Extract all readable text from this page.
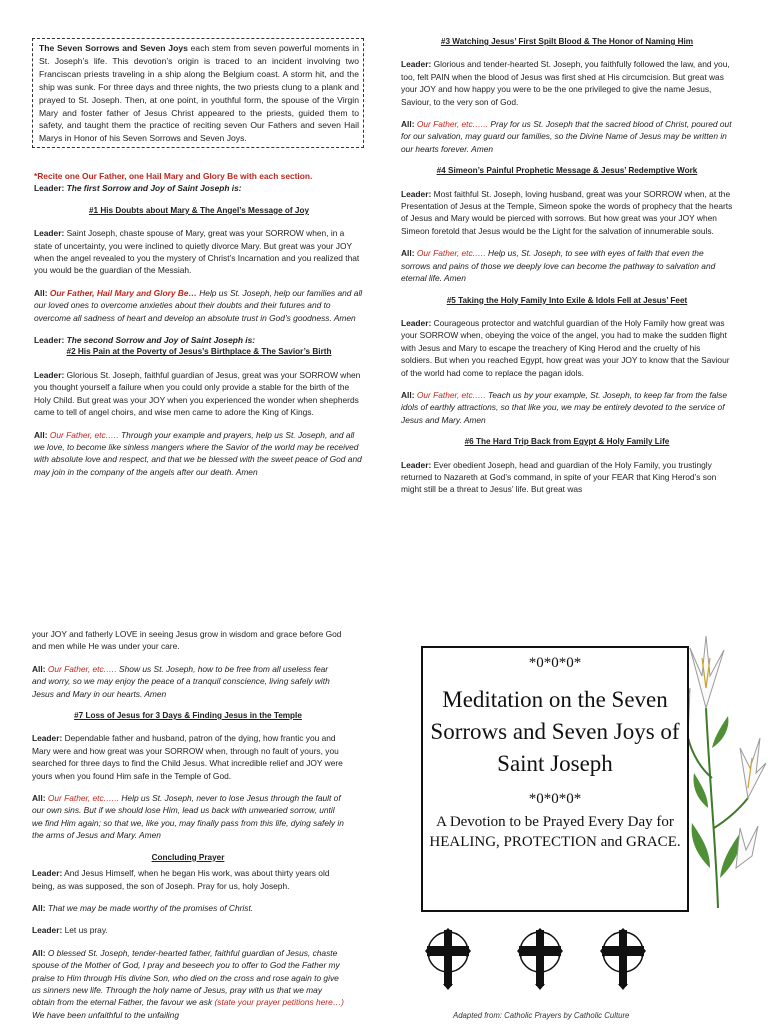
The Seven Sorrows and Seven Joys each stem from seven powerful moments in St. Joseph’s life. This devotion’s origin is traced to an incident involving two Franciscan priests traveling in a ship along the Belgium coast. A storm hit, and the ship was sunk. For three days and three nights, the two priests clung to a plank and prayed to St. Joseph. Then, at one point, in youthful form, the spouse of the Virgin Mary and foster father of Jesus Christ appeared to the priests, guided them to safety, and taught them the practice of reciting seven Our Fathers and seven Hail Marys in Honor of his Seven Sorrows and Seven Joys.
*Recite one Our Father, one Hail Mary and Glory Be with each section.

Leader: The first Sorrow and Joy of Saint Joseph is:

#1 His Doubts about Mary & The Angel’s Message of Joy

Leader: Saint Joseph, chaste spouse of Mary, great was your SORROW when, in a state of uncertainty, you were inclined to quietly divorce Mary. But great was your JOY when the angel revealed to you the mystery of Christ’s Incarnation and you realized that you would be the guardian of the Messiah.

All: Our Father, Hail Mary and Glory Be… Help us St. Joseph, help our families and all our loved ones to overcome anxieties about their doubts and their futures and to overcome all sadness of heart and develop an absolute trust in God’s goodness. Amen

Leader: The second Sorrow and Joy of Saint Joseph is:
#2 His Pain at the Poverty of Jesus’s Birthplace & The Savior’s Birth

Leader: Glorious St. Joseph, faithful guardian of Jesus, great was your SORROW when you thought yourself a failure when you could only provide a stable for the birth of the Holy Child. But great was your JOY when you experienced the wonder when shepherds came to tell of angel choirs, and wise men came to adore the King of Kings.

All: Our Father, etc.…. Through your example and prayers, help us St. Joseph, and all we love, to become like sinless mangers where the Savior of the world may be received with absolute love and respect, and that we be blessed with the sweet peace of God and may join in the company of the angels after our death. Amen

#3 Watching Jesus’ First Spilt Blood & The Honor of Naming Him

Leader: Glorious and tender-hearted St. Joseph, you faithfully followed the law, and you, too, felt PAIN when the blood of Jesus was first shed at His circumcision. But great was your JOY and how happy you were to be the one privileged to give the name Jesus, Saviour, to the very son of God.

All: Our Father, etc.….. Pray for us St. Joseph that the sacred blood of Christ, poured out for our salvation, may guard our families, so the Divine Name of Jesus may be written in our hearts forever. Amen

#4 Simeon’s Painful Prophetic Message & Jesus’ Redemptive Work

Leader: Most faithful St. Joseph, loving husband, great was your SORROW when, at the Presentation of Jesus at the Temple, Simeon spoke the words of prophecy that the hearts of Jesus and Mary would be pierced with sorrows. But how great was your JOY when Simeon foretold that Jesus would be the Light for the salvation of innumerable souls.

All: Our Father, etc.…. Help us, St. Joseph, to see with eyes of faith that even the sorrows and pains of those we deeply love can become the pathway to salvation and eternal life. Amen

#5 Taking the Holy Family Into Exile & Idols Fell at Jesus’ Feet

Leader: Courageous protector and watchful guardian of the Holy Family how great was your SORROW when, obeying the voice of the angel, you had to make the sudden flight with Jesus and Mary to escape the treachery of King Herod and the cruelty of his soldiers. But when you reached Egypt, how great was your JOY to know that the Saviour of the world had come to replace the pagan idols.

All: Our Father, etc.…. Teach us by your example, St. Joseph, to keep far from the false idols of earthly attractions, so that like you, we may be entirely devoted to the service of Jesus and Mary. Amen

#6 The Hard Trip Back from Egypt & Holy Family Life

Leader: Ever obedient Joseph, head and guardian of the Holy Family, you trustingly returned to Nazareth at God’s command, in spite of your FEAR that King Herod’s son might still be a threat to Jesus’ life. But great was

your JOY and fatherly LOVE in seeing Jesus grow in wisdom and grace before God and men while He was under your care.

All: Our Father, etc.…. Show us St. Joseph, how to be free from all useless fear and worry, so we may enjoy the peace of a tranquil conscience, living safely with Jesus and Mary in our hearts. Amen

#7 Loss of Jesus for 3 Days & Finding Jesus in the Temple

Leader: Dependable father and husband, patron of the dying, how frantic you and Mary were and how great was your SORROW when, through no fault of yours, you searched for three days to find the Child Jesus. What incredible relief and JOY were yours when you found Him safe in the Temple of God.

All: Our Father, etc.….. Help us St. Joseph, never to lose Jesus through the fault of our own sins. But if we should lose Him, lead us back with unwearied sorrow, until we find Him again; so that we, like you, may finally pass from this life, dying safely in the arms of Jesus and Mary. Amen

Concluding Prayer

Leader: And Jesus Himself, when he began His work, was about thirty years old being, as was supposed, the son of Joseph. Pray for us, holy Joseph.

All: That we may be made worthy of the promises of Christ.

Leader: Let us pray.

All: O blessed St. Joseph, tender-hearted father, faithful guardian of Jesus, chaste spouse of the Mother of God, I pray and beseech you to offer to God the Father my praise to Him through His divine Son, who died on the cross and rose again to give us sinners new life. Through the holy name of Jesus, pray with us that we may obtain from the eternal Father, the favour we ask (state your prayer petitions here…) We have been unfaithful to the unfailing

*0*0*0*
Meditation on the Seven Sorrows and Seven Joys of Saint Joseph
*0*0*0*
A Devotion to be Prayed Every Day for HEALING, PROTECTION and GRACE.
Adapted from: Catholic Prayers by Catholic Culture
